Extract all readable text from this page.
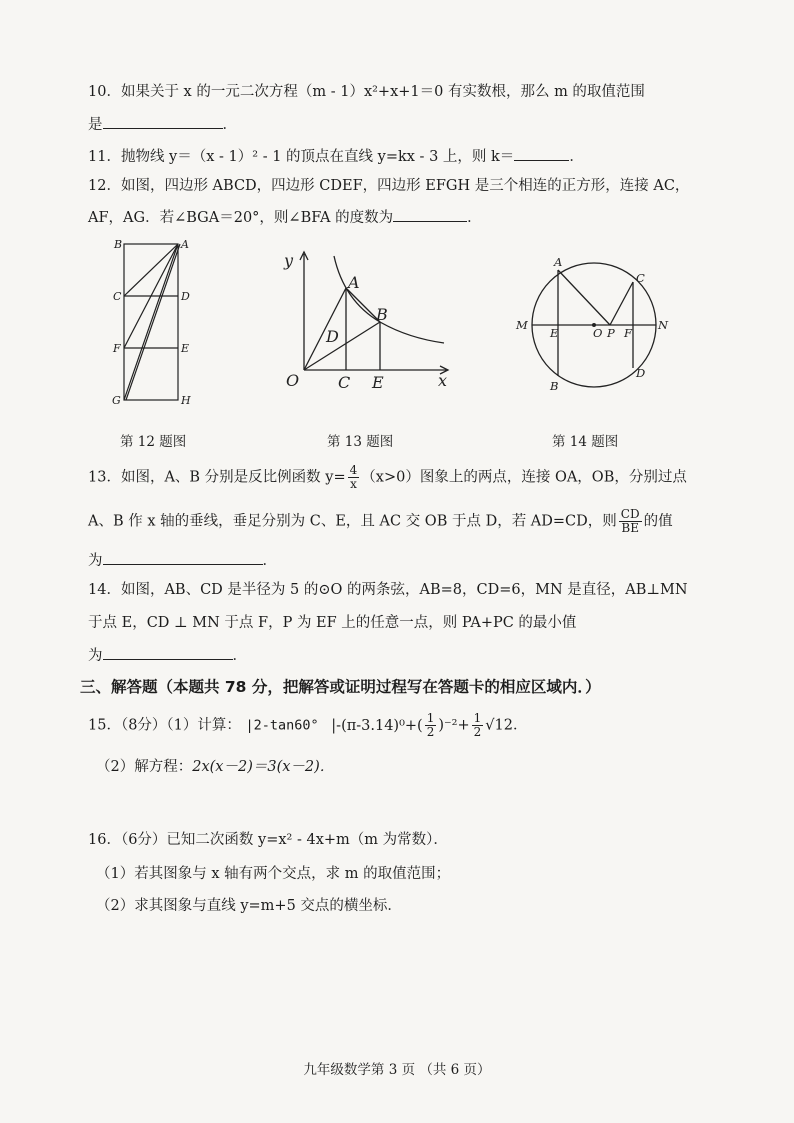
10．如果关于 x 的一元二次方程（m - 1）x²+x+1＝0 有实数根，那么 m 的取值范围
是	．
11．抛物线 y＝（x - 1）² - 1 的顶点在直线 y=kx - 3 上，则 k＝	．
12．如图，四边形 ABCD，四边形 CDEF，四边形 EFGH 是三个相连的正方形，连接 AC，
AF，AG．若∠BGA＝20°，则∠BFA 的度数为	．
B	A
C	D
F	E
G	H
第 12 题图
y
x
O
A
B
D
C E
第 13 题图
A
C
M
E	O P F
N
B
D
第 14 题图
13．如图，A、B 分别是反比例函数 $y= \frac{4}{x} (x>0)$图象上的两点，连接 OA，OB，分别过点
A、B 作 x 轴的垂线，垂足分别为 C、E，且 AC 交 OB 于点 D，若 AD=CD，则 $\frac{CD}{BE}$ 的值
为	．
14．如图，AB、CD 是半径为 5 的⊙O 的两条弦，AB=8，CD=6，MN 是直径，AB⊥MN
于点 E，CD ⊥ MN 于点 F，P 为 EF 上的任意一点，则 PA+PC 的最小值
为	．
三、解答题（本题共 78 分，把解答或证明过程写在答题卡的相应区域内．）
15．（8分）（1）计算： |2-tan60° $|-(\pi-3.14)^0+( \frac{1}{2} )^{-2}+ \frac{1}{2} √12$．
（2）解方程：2x(x－2)＝3(x－2)．
16．（6分）已知二次函数 y=x² - 4x+m（m 为常数）．
（1）若其图象与 x 轴有两个交点，求 m 的取值范围；
（2）求其图象与直线 y=m+5 交点的横坐标．
九年级数学第 3 页 （共 6 页）
